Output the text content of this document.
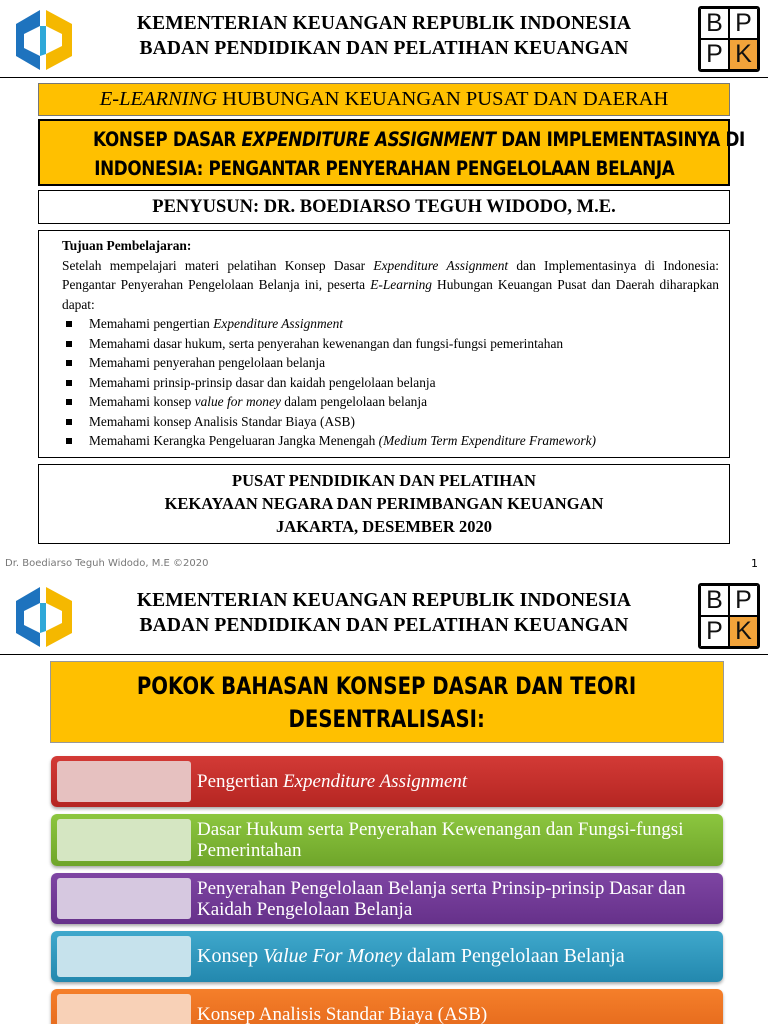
KEMENTERIAN KEUANGAN REPUBLIK INDONESIA
BADAN PENDIDIKAN DAN PELATIHAN KEUANGAN
B P
P K
E-LEARNING HUBUNGAN KEUANGAN PUSAT DAN DAERAH
KONSEP DASAR EXPENDITURE ASSIGNMENT DAN IMPLEMENTASINYA DI
INDONESIA: PENGANTAR PENYERAHAN PENGELOLAAN BELANJA
PENYUSUN: DR. BOEDIARSO TEGUH WIDODO, M.E.
Tujuan Pembelajaran:
Setelah mempelajari materi pelatihan Konsep Dasar Expenditure Assignment dan Implementasinya di Indonesia: Pengantar Penyerahan Pengelolaan Belanja ini, peserta E-Learning Hubungan Keuangan Pusat dan Daerah diharapkan dapat:
Memahami pengertian Expenditure Assignment
Memahami dasar hukum, serta penyerahan kewenangan dan fungsi-fungsi pemerintahan
Memahami penyerahan pengelolaan belanja
Memahami prinsip-prinsip dasar dan kaidah pengelolaan belanja
Memahami konsep value for money dalam pengelolaan belanja
Memahami konsep Analisis Standar Biaya (ASB)
Memahami Kerangka Pengeluaran Jangka Menengah (Medium Term Expenditure Framework)
PUSAT PENDIDIKAN DAN PELATIHAN
KEKAYAAN NEGARA DAN PERIMBANGAN KEUANGAN
JAKARTA, DESEMBER 2020
Dr. Boediarso Teguh Widodo, M.E ©2020	1
KEMENTERIAN KEUANGAN REPUBLIK INDONESIA
BADAN PENDIDIKAN DAN PELATIHAN KEUANGAN
B P
P K
POKOK BAHASAN KONSEP DASAR DAN TEORI
DESENTRALISASI:
Pengertian Expenditure Assignment
Dasar Hukum serta Penyerahan Kewenangan dan Fungsi-fungsi Pemerintahan
Penyerahan Pengelolaan Belanja serta Prinsip-prinsip Dasar dan Kaidah Pengelolaan Belanja
Konsep Value For Money dalam Pengelolaan Belanja
Konsep Analisis Standar Biaya (ASB)
